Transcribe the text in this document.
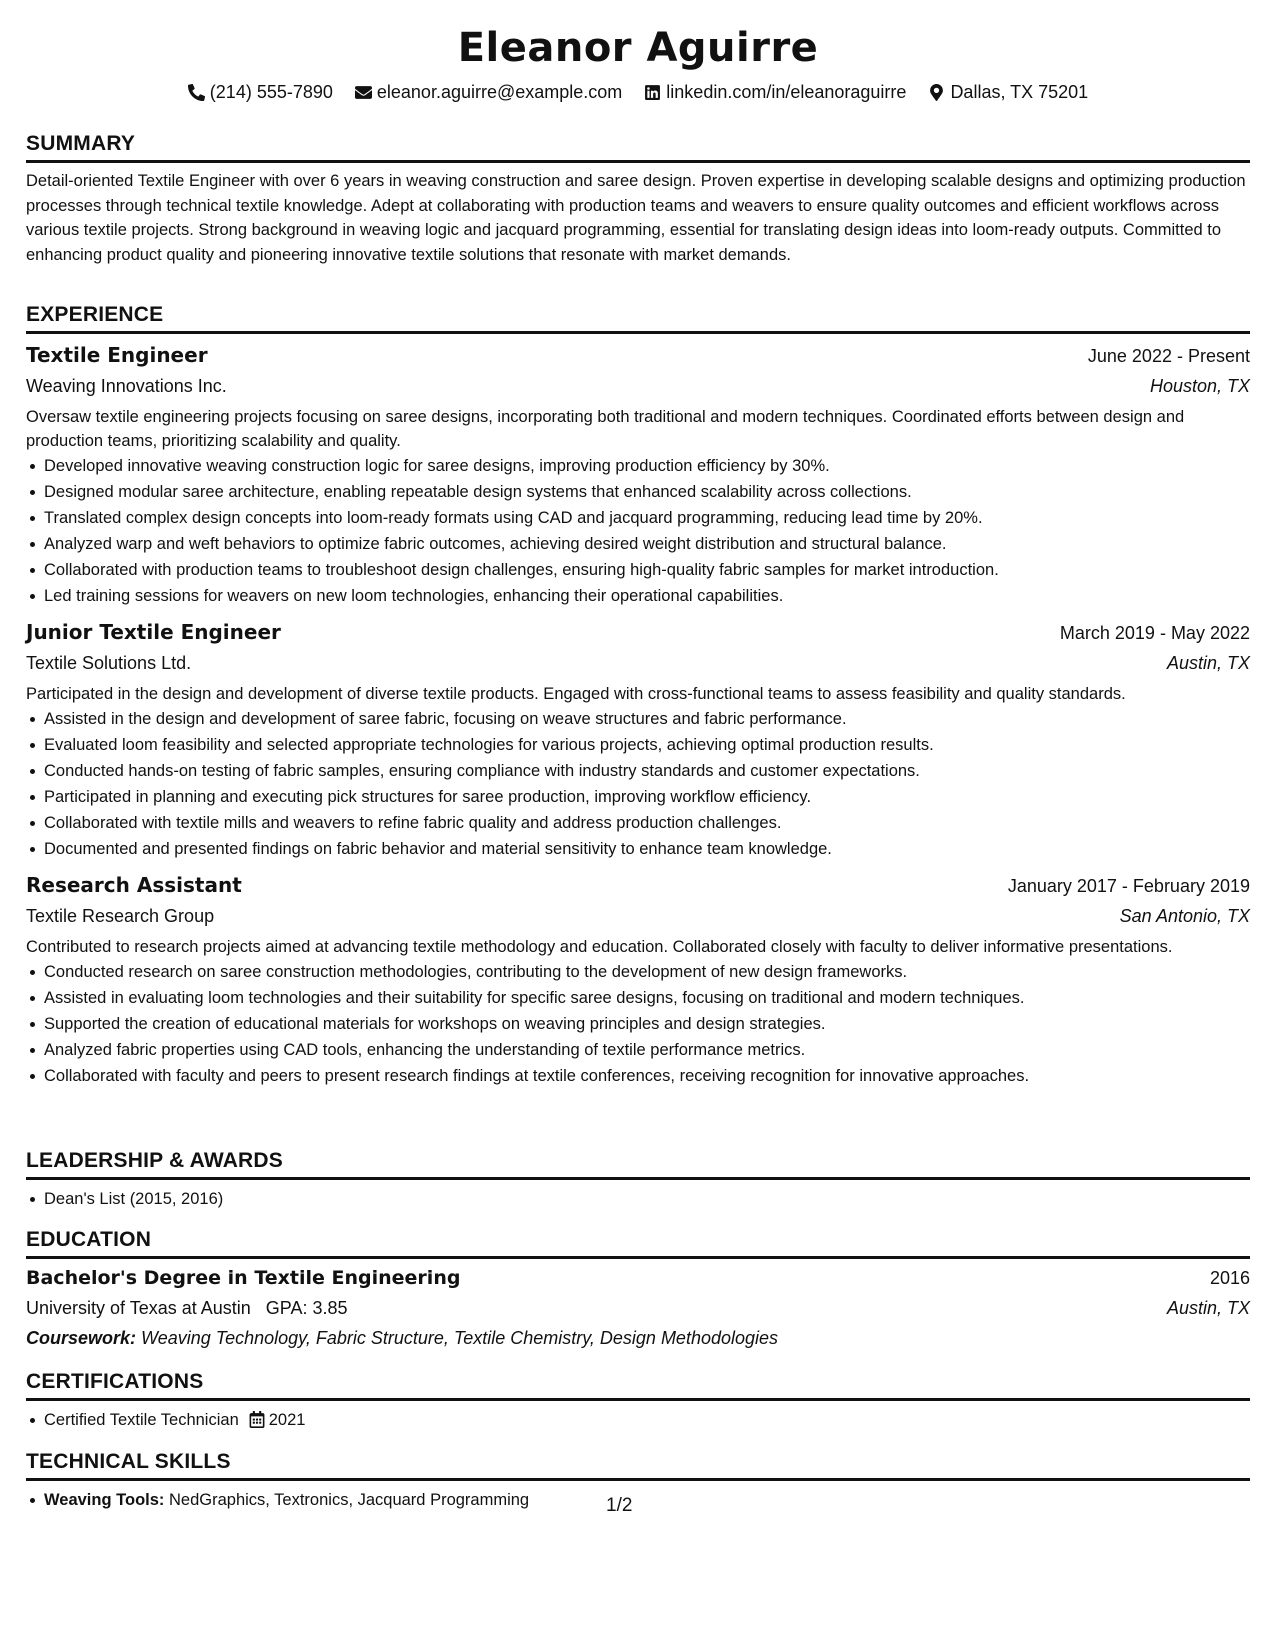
Eleanor Aguirre
(214) 555-7890 eleanor.aguirre@example.com linkedin.com/in/eleanoraguirre Dallas, TX 75201
SUMMARY

Detail-oriented Textile Engineer with over 6 years in weaving construction and saree design. Proven expertise in developing scalable designs and optimizing production processes through technical textile knowledge. Adept at collaborating with production teams and weavers to ensure quality outcomes and efficient workflows across various textile projects. Strong background in weaving logic and jacquard programming, essential for translating design ideas into loom-ready outputs. Committed to enhancing product quality and pioneering innovative textile solutions that resonate with market demands.

EXPERIENCE
Textile Engineer	June 2022 - Present
Weaving Innovations Inc.	Houston, TX

Oversaw textile engineering projects focusing on saree designs, incorporating both traditional and modern techniques. Coordinated efforts between design and production teams, prioritizing scalability and quality.

Developed innovative weaving construction logic for saree designs, improving production efficiency by 30%.
Designed modular saree architecture, enabling repeatable design systems that enhanced scalability across collections.
Translated complex design concepts into loom-ready formats using CAD and jacquard programming, reducing lead time by 20%.
Analyzed warp and weft behaviors to optimize fabric outcomes, achieving desired weight distribution and structural balance.
Collaborated with production teams to troubleshoot design challenges, ensuring high-quality fabric samples for market introduction.
Led training sessions for weavers on new loom technologies, enhancing their operational capabilities.
Junior Textile Engineer	March 2019 - May 2022
Textile Solutions Ltd.	Austin, TX

Participated in the design and development of diverse textile products. Engaged with cross-functional teams to assess feasibility and quality standards.

Assisted in the design and development of saree fabric, focusing on weave structures and fabric performance.
Evaluated loom feasibility and selected appropriate technologies for various projects, achieving optimal production results.
Conducted hands-on testing of fabric samples, ensuring compliance with industry standards and customer expectations.
Participated in planning and executing pick structures for saree production, improving workflow efficiency.
Collaborated with textile mills and weavers to refine fabric quality and address production challenges.
Documented and presented findings on fabric behavior and material sensitivity to enhance team knowledge.
Research Assistant	January 2017 - February 2019
Textile Research Group	San Antonio, TX

Contributed to research projects aimed at advancing textile methodology and education. Collaborated closely with faculty to deliver informative presentations.

Conducted research on saree construction methodologies, contributing to the development of new design frameworks.
Assisted in evaluating loom technologies and their suitability for specific saree designs, focusing on traditional and modern techniques.
Supported the creation of educational materials for workshops on weaving principles and design strategies.
Analyzed fabric properties using CAD tools, enhancing the understanding of textile performance metrics.
Collaborated with faculty and peers to present research findings at textile conferences, receiving recognition for innovative approaches.
LEADERSHIP & AWARDS
Dean's List (2015, 2016)
EDUCATION
Bachelor's Degree in Textile Engineering	2016
University of Texas at Austin GPA: 3.85	Austin, TX
Coursework: Weaving Technology, Fabric Structure, Textile Chemistry, Design Methodologies
CERTIFICATIONS
Certified Textile Technician 2021
TECHNICAL SKILLS
Weaving Tools: NedGraphics, Textronics, Jacquard Programming	1/2
